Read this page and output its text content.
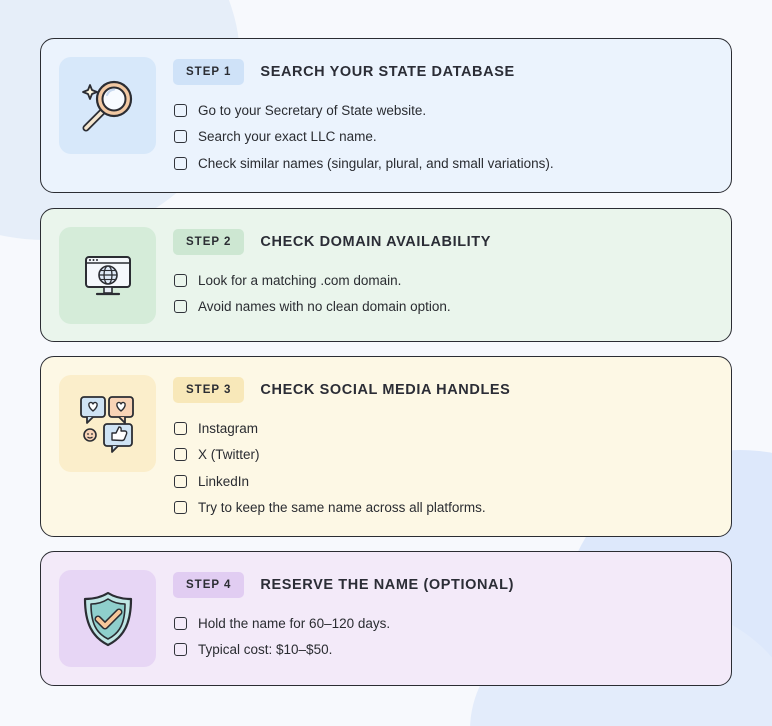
STEP 1	SEARCH YOUR STATE DATABASE
Go to your Secretary of State website.
Search your exact LLC name.
Check similar names (singular, plural, and small variations).
STEP 2	CHECK DOMAIN AVAILABILITY
Look for a matching .com domain.
Avoid names with no clean domain option.
STEP 3	CHECK SOCIAL MEDIA HANDLES
Instagram
X (Twitter)
LinkedIn
Try to keep the same name across all platforms.
STEP 4	RESERVE THE NAME (OPTIONAL)
Hold the name for 60–120 days.
Typical cost: $10–$50.
